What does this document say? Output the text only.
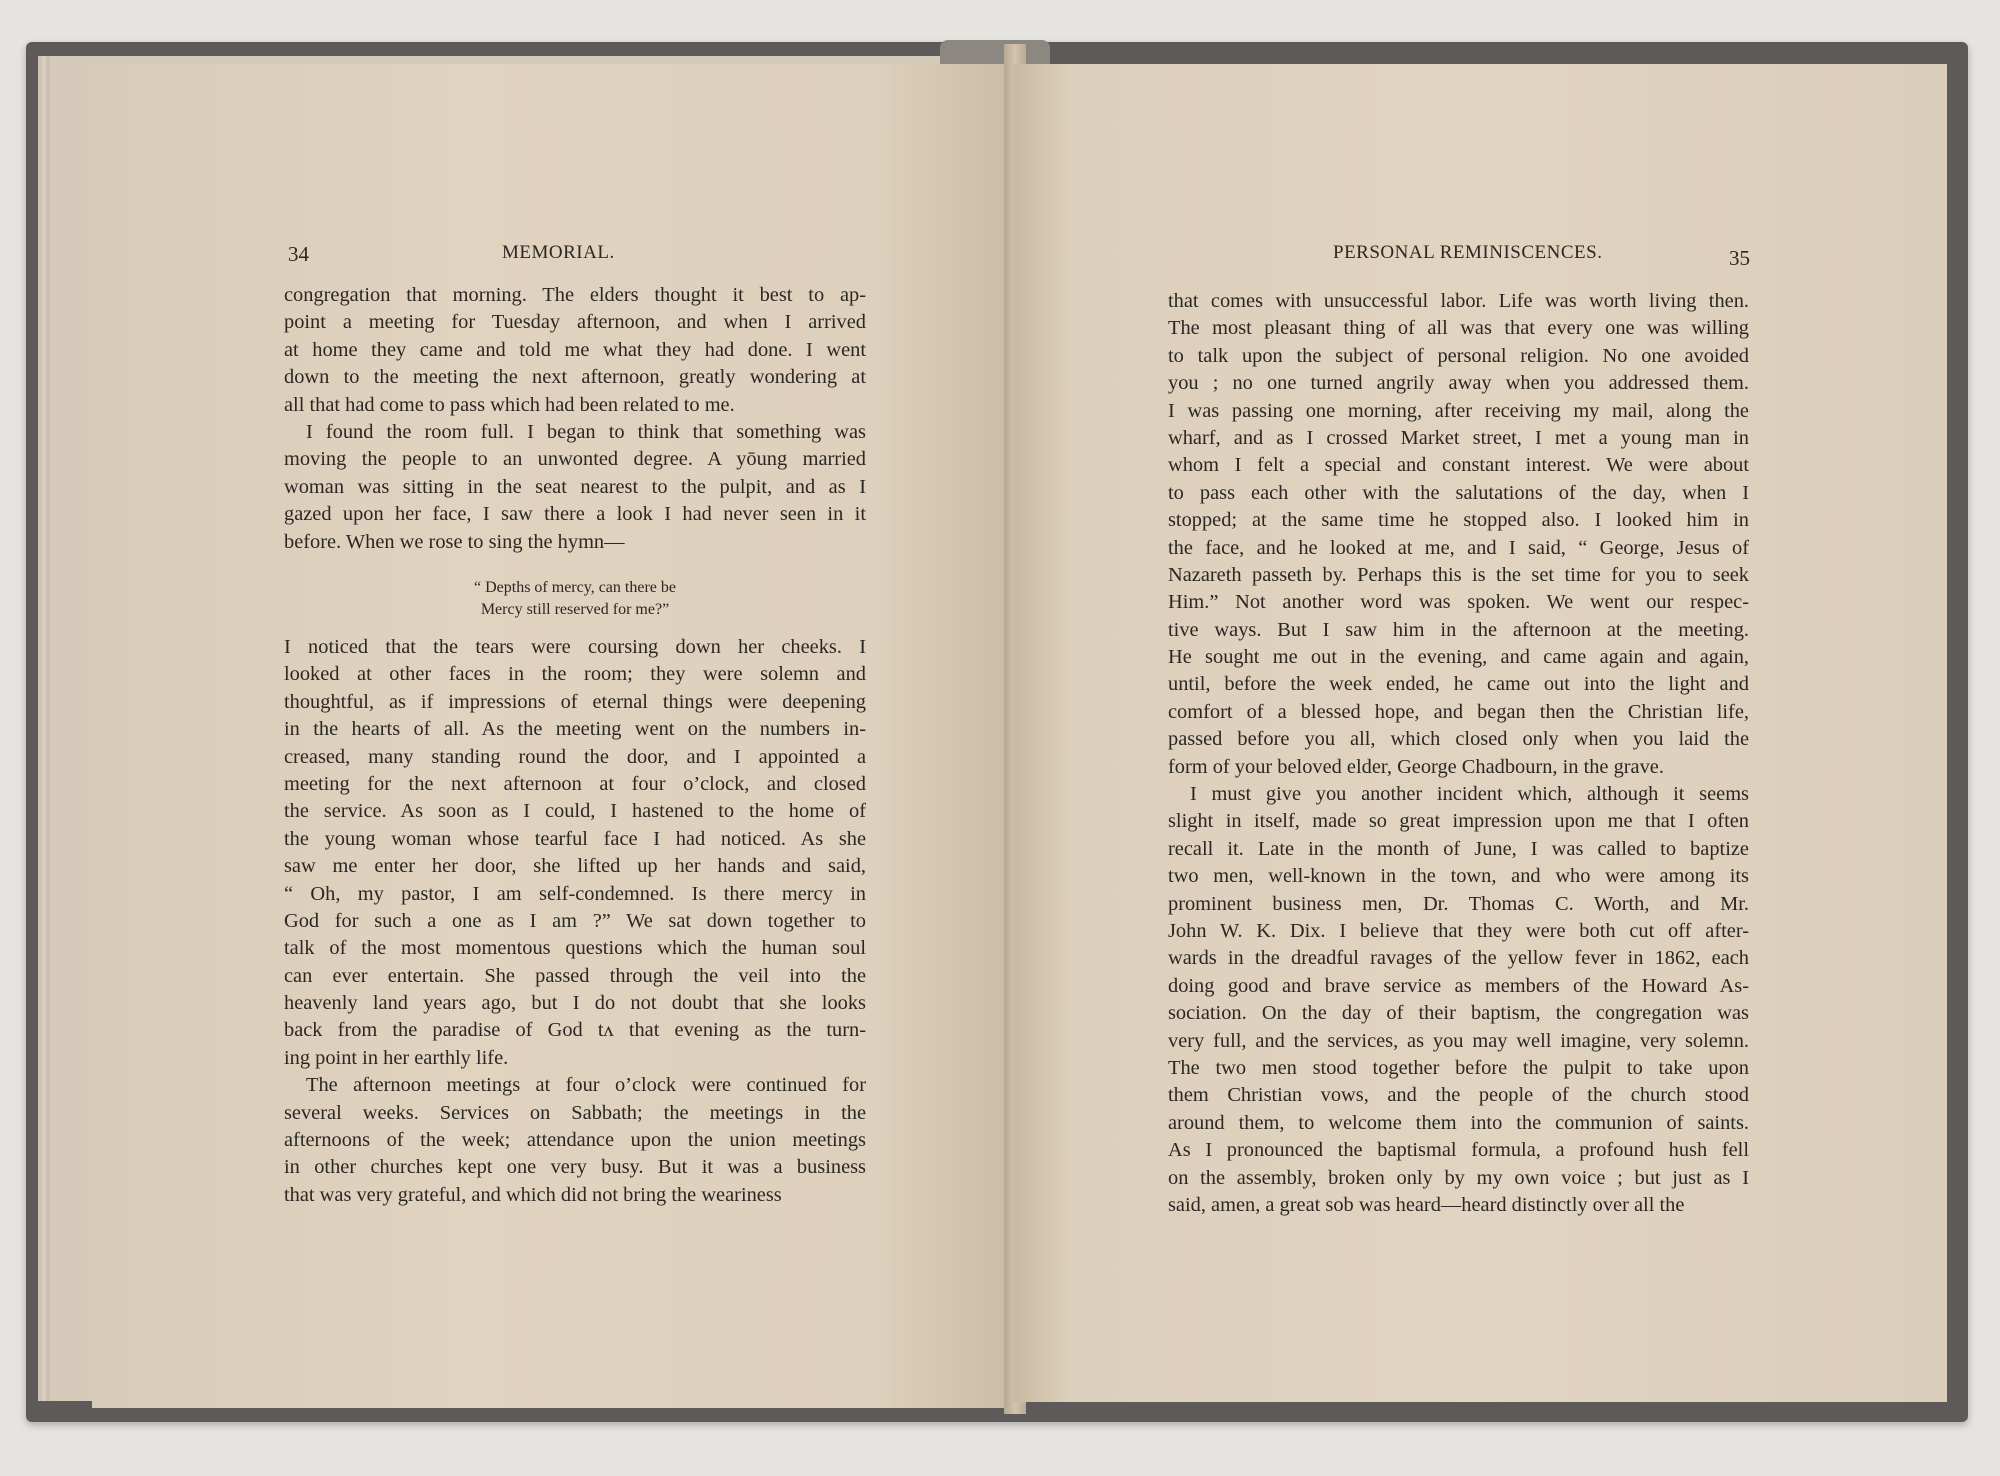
34	MEMORIAL.
congregation that morning. The elders thought it best to ap-
point a meeting for Tuesday afternoon, and when I arrived
at home they came and told me what they had done. I went
down to the meeting the next afternoon, greatly wondering at
all that had come to pass which had been related to me.
I found the room full. I began to think that something was
moving the people to an unwonted degree. A yōung married
woman was sitting in the seat nearest to the pulpit, and as I
gazed upon her face, I saw there a look I had never seen in it
before. When we rose to sing the hymn—
“ Depths of mercy, can there be
Mercy still reserved for me?”
I noticed that the tears were coursing down her cheeks. I
looked at other faces in the room; they were solemn and
thoughtful, as if impressions of eternal things were deepening
in the hearts of all. As the meeting went on the numbers in-
creased, many standing round the door, and I appointed a
meeting for the next afternoon at four o’clock, and closed
the service. As soon as I could, I hastened to the home of
the young woman whose tearful face I had noticed. As she
saw me enter her door, she lifted up her hands and said,
“ Oh, my pastor, I am self-condemned. Is there mercy in
God for such a one as I am ?” We sat down together to
talk of the most momentous questions which the human soul
can ever entertain. She passed through the veil into the
heavenly land years ago, but I do not doubt that she looks
back from the paradise of God tʌ that evening as the turn-
ing point in her earthly life.
The afternoon meetings at four o’clock were continued for
several weeks. Services on Sabbath; the meetings in the
afternoons of the week; attendance upon the union meetings
in other churches kept one very busy. But it was a business
that was very grateful, and which did not bring the weariness
PERSONAL REMINISCENCES.	35
that comes with unsuccessful labor. Life was worth living then.
The most pleasant thing of all was that every one was willing
to talk upon the subject of personal religion. No one avoided
you ; no one turned angrily away when you addressed them.
I was passing one morning, after receiving my mail, along the
wharf, and as I crossed Market street, I met a young man in
whom I felt a special and constant interest. We were about
to pass each other with the salutations of the day, when I
stopped; at the same time he stopped also. I looked him in
the face, and he looked at me, and I said, “ George, Jesus of
Nazareth passeth by. Perhaps this is the set time for you to seek
Him.” Not another word was spoken. We went our respec-
tive ways. But I saw him in the afternoon at the meeting.
He sought me out in the evening, and came again and again,
until, before the week ended, he came out into the light and
comfort of a blessed hope, and began then the Christian life,
passed before you all, which closed only when you laid the
form of your beloved elder, George Chadbourn, in the grave.
I must give you another incident which, although it seems
slight in itself, made so great impression upon me that I often
recall it. Late in the month of June, I was called to baptize
two men, well-known in the town, and who were among its
prominent business men, Dr. Thomas C. Worth, and Mr.
John W. K. Dix. I believe that they were both cut off after-
wards in the dreadful ravages of the yellow fever in 1862, each
doing good and brave service as members of the Howard As-
sociation. On the day of their baptism, the congregation was
very full, and the services, as you may well imagine, very solemn.
The two men stood together before the pulpit to take upon
them Christian vows, and the people of the church stood
around them, to welcome them into the communion of saints.
As I pronounced the baptismal formula, a profound hush fell
on the assembly, broken only by my own voice ; but just as I
said, amen, a great sob was heard—heard distinctly over all the
